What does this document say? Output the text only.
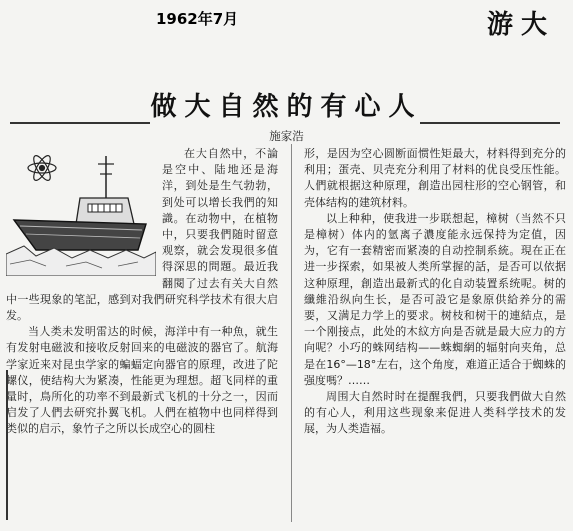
1962年7月	游大
做大自然的有心人
施家浩

在大自然中，不論是空中、陆地还是海洋，到处是生气勃勃，到处可以增长我們的知識。在动物中，在植物中，只要我們随时留意观察，就会发現很多值得深思的問題。最近我翻閱了过去有关大自然中一些現象的笔記，感到对我們研究科学技术有很大启发。

当人类未发明雷达的时候，海洋中有一种魚，就生有发射电磁波和接收反射回来的电磁波的器官了。航海学家近来对昆虫学家的蝙蝠定向器官的原理，改进了陀螺仪，使结构大为紧凑，性能更为理想。超飞同样的重量时，鳥所化的功率不到最新式飞机的十分之一，因而启发了人們去研究扑翼飞机。人們在植物中也同样得到类似的启示，象竹子之所以长成空心的圆柱

形，是因为空心圆断面惯性矩最大，材料得到充分的利用；蛋壳、贝壳充分利用了材料的优良受压性能。人們就根据这种原理，創造出园柱形的空心钢管，和壳体结构的建筑材料。

以上种种，使我进一步联想起，樟树（当然不只是樟树）体内的氫离子濃度能永远保持为定值，因为，它有一套精密而紧凑的自动控制系統。現在正在进一步探索，如果被人类所掌握的話，是否可以依据这种原理，創造出最新式的化自动装置系统呢。树的纖維沿纵向生长，是否可設它是象原供給养分的需要，又满足力学上的要求。树枝和树干的連結点，是一个刚接点，此处的木紋方向是否就是最大应力的方向呢？小巧的蛛网结构——蛛蜘網的辐射向夹角，总是在16°—18°左右，这个角度，难道正适合于蜘蛛的强度嗎？……

周围大自然时时在提醒我們，只要我們做大自然的有心人，利用这些现象来促进人类科学技术的发展，为人类造福。
